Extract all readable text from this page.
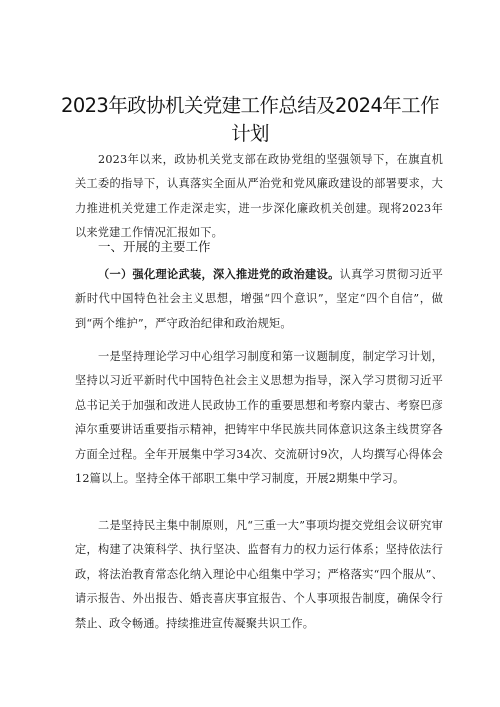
2023年政协机关党建工作总结及2024年工作计划

2023年以来，政协机关党支部在政协党组的坚强领导下，在旗直机关工委的指导下，认真落实全面从严治党和党风廉政建设的部署要求，大力推进机关党建工作走深走实，进一步深化廉政机关创建。现将2023年以来党建工作情况汇报如下。

一、开展的主要工作

（一）强化理论武装，深入推进党的政治建设。认真学习贯彻习近平新时代中国特色社会主义思想，增强“四个意识”，坚定“四个自信”，做到“两个维护”，严守政治纪律和政治规矩。

一是坚持理论学习中心组学习制度和第一议题制度，制定学习计划，坚持以习近平新时代中国特色社会主义思想为指导，深入学习贯彻习近平总书记关于加强和改进人民政协工作的重要思想和考察内蒙古、考察巴彦淖尔重要讲话重要指示精神，把铸牢中华民族共同体意识这条主线贯穿各方面全过程。全年开展集中学习34次、交流研讨9次，人均撰写心得体会12篇以上。坚持全体干部职工集中学习制度，开展2期集中学习。

二是坚持民主集中制原则，凡“三重一大”事项均提交党组会议研究审定，构建了决策科学、执行坚决、监督有力的权力运行体系；坚持依法行政，将法治教育常态化纳入理论中心组集中学习；严格落实“四个服从”、请示报告、外出报告、婚丧喜庆事宜报告、个人事项报告制度，确保令行禁止、政令畅通。持续推进宣传凝聚共识工作。
